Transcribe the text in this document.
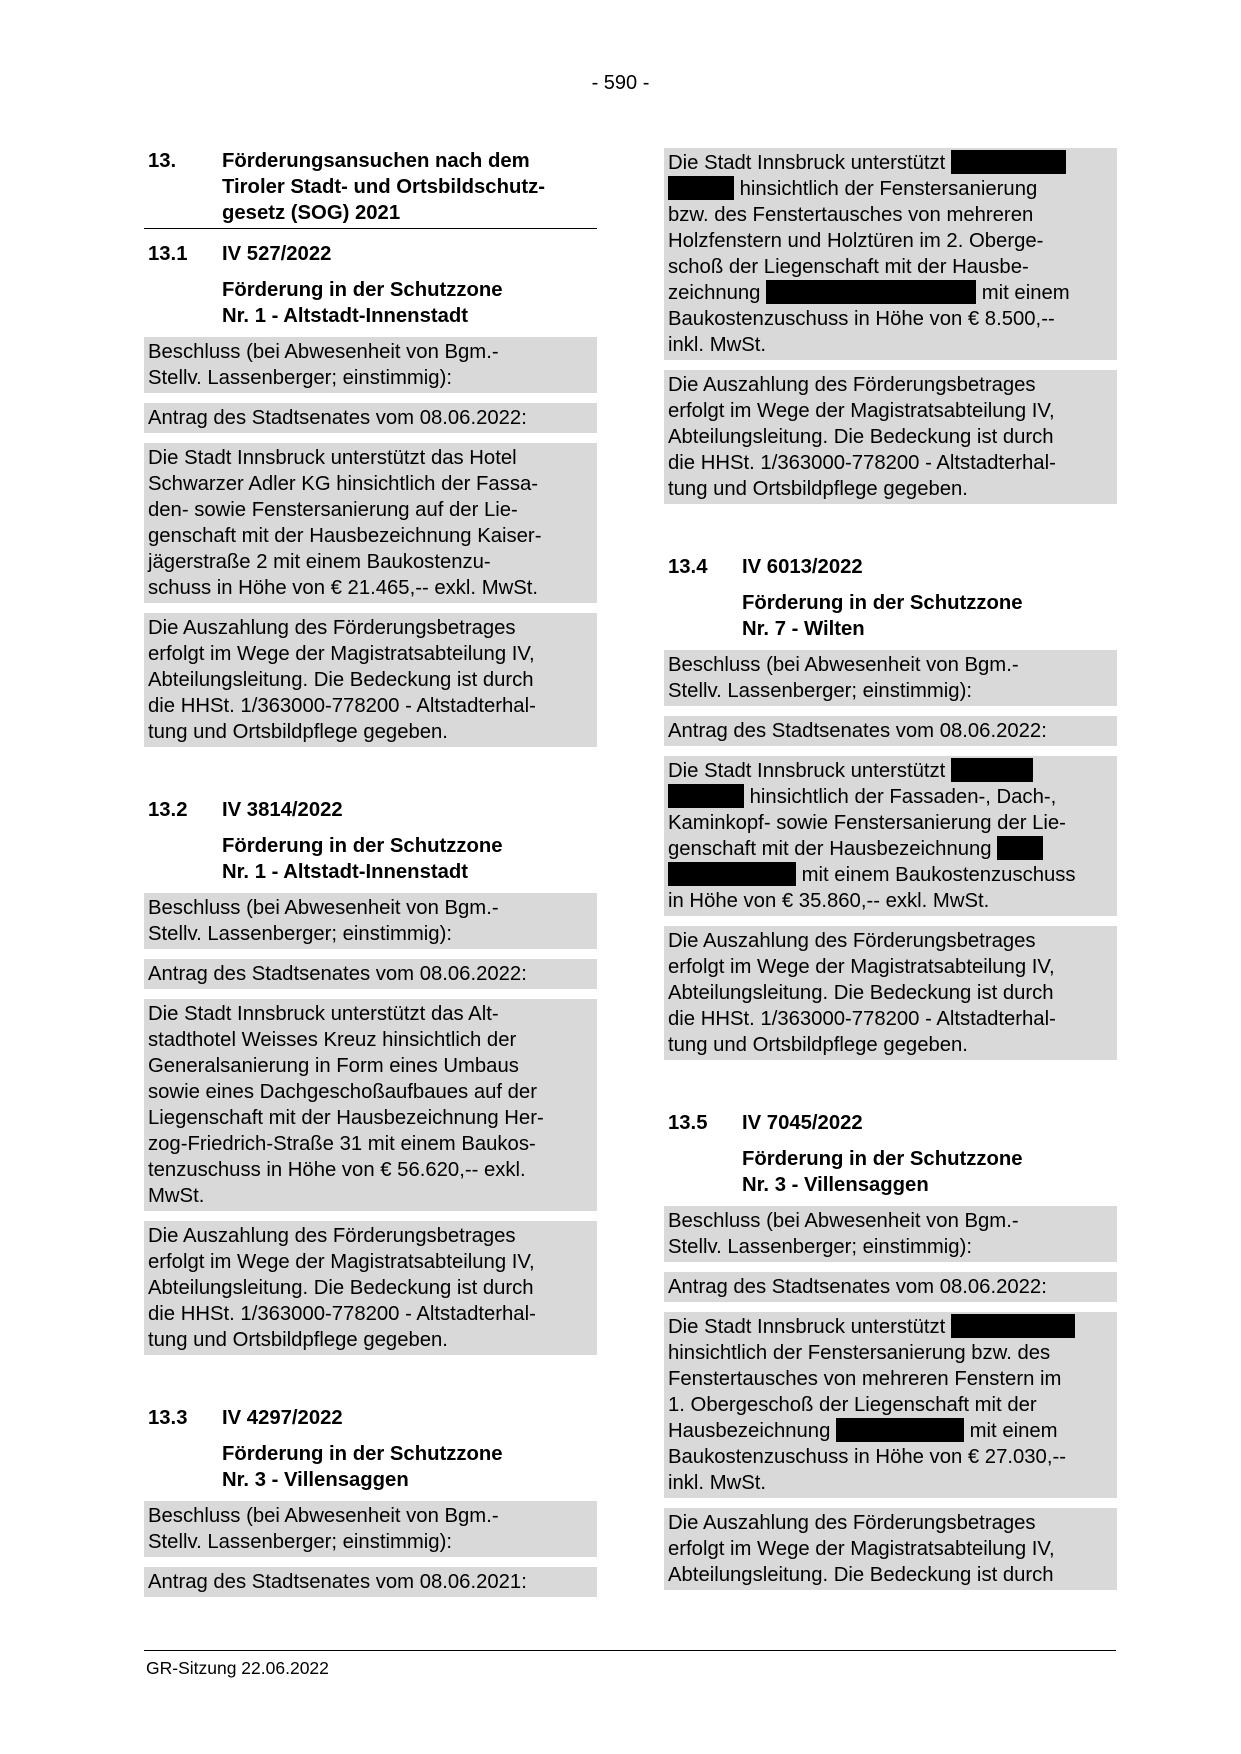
- 590 -
13.	Förderungsansuchen nach dem
Tiroler Stadt- und Ortsbildschutz-
gesetz (SOG) 2021
13.1	IV 527/2022
Förderung in der Schutzzone
Nr. 1 - Altstadt-Innenstadt
Beschluss (bei Abwesenheit von Bgm.-
Stellv. Lassenberger; einstimmig):
Antrag des Stadtsenates vom 08.06.2022:
Die Stadt Innsbruck unterstützt das Hotel
Schwarzer Adler KG hinsichtlich der Fassa-
den- sowie Fenstersanierung auf der Lie-
genschaft mit der Hausbezeichnung Kaiser-
jägerstraße 2 mit einem Baukostenzu-
schuss in Höhe von € 21.465,-- exkl. MwSt.
Die Auszahlung des Förderungsbetrages
erfolgt im Wege der Magistratsabteilung IV,
Abteilungsleitung. Die Bedeckung ist durch
die HHSt. 1/363000-778200 - Altstadterhal-
tung und Ortsbildpflege gegeben.
13.2	IV 3814/2022
Förderung in der Schutzzone
Nr. 1 - Altstadt-Innenstadt
Beschluss (bei Abwesenheit von Bgm.-
Stellv. Lassenberger; einstimmig):
Antrag des Stadtsenates vom 08.06.2022:
Die Stadt Innsbruck unterstützt das Alt-
stadthotel Weisses Kreuz hinsichtlich der
Generalsanierung in Form eines Umbaus
sowie eines Dachgeschoßaufbaues auf der
Liegenschaft mit der Hausbezeichnung Her-
zog-Friedrich-Straße 31 mit einem Baukos-
tenzuschuss in Höhe von € 56.620,-- exkl.
MwSt.
Die Auszahlung des Förderungsbetrages
erfolgt im Wege der Magistratsabteilung IV,
Abteilungsleitung. Die Bedeckung ist durch
die HHSt. 1/363000-778200 - Altstadterhal-
tung und Ortsbildpflege gegeben.
13.3	IV 4297/2022
Förderung in der Schutzzone
Nr. 3 - Villensaggen
Beschluss (bei Abwesenheit von Bgm.-
Stellv. Lassenberger; einstimmig):
Antrag des Stadtsenates vom 08.06.2021:
Die Stadt Innsbruck unterstützt
hinsichtlich der Fenstersanierung
bzw. des Fenstertausches von mehreren
Holzfenstern und Holztüren im 2. Oberge-
schoß der Liegenschaft mit der Hausbe-
zeichnung	mit einem
Baukostenzuschuss in Höhe von € 8.500,--
inkl. MwSt.
Die Auszahlung des Förderungsbetrages
erfolgt im Wege der Magistratsabteilung IV,
Abteilungsleitung. Die Bedeckung ist durch
die HHSt. 1/363000-778200 - Altstadterhal-
tung und Ortsbildpflege gegeben.
13.4	IV 6013/2022
Förderung in der Schutzzone
Nr. 7 - Wilten
Beschluss (bei Abwesenheit von Bgm.-
Stellv. Lassenberger; einstimmig):
Antrag des Stadtsenates vom 08.06.2022:
Die Stadt Innsbruck unterstützt
hinsichtlich der Fassaden-, Dach-,
Kaminkopf- sowie Fenstersanierung der Lie-
genschaft mit der Hausbezeichnung
mit einem Baukostenzuschuss
in Höhe von € 35.860,-- exkl. MwSt.
Die Auszahlung des Förderungsbetrages
erfolgt im Wege der Magistratsabteilung IV,
Abteilungsleitung. Die Bedeckung ist durch
die HHSt. 1/363000-778200 - Altstadterhal-
tung und Ortsbildpflege gegeben.
13.5	IV 7045/2022
Förderung in der Schutzzone
Nr. 3 - Villensaggen
Beschluss (bei Abwesenheit von Bgm.-
Stellv. Lassenberger; einstimmig):
Antrag des Stadtsenates vom 08.06.2022:
Die Stadt Innsbruck unterstützt
hinsichtlich der Fenstersanierung bzw. des
Fenstertausches von mehreren Fenstern im
1. Obergeschoß der Liegenschaft mit der
Hausbezeichnung	mit einem
Baukostenzuschuss in Höhe von € 27.030,--
inkl. MwSt.
Die Auszahlung des Förderungsbetrages
erfolgt im Wege der Magistratsabteilung IV,
Abteilungsleitung. Die Bedeckung ist durch
GR-Sitzung 22.06.2022
